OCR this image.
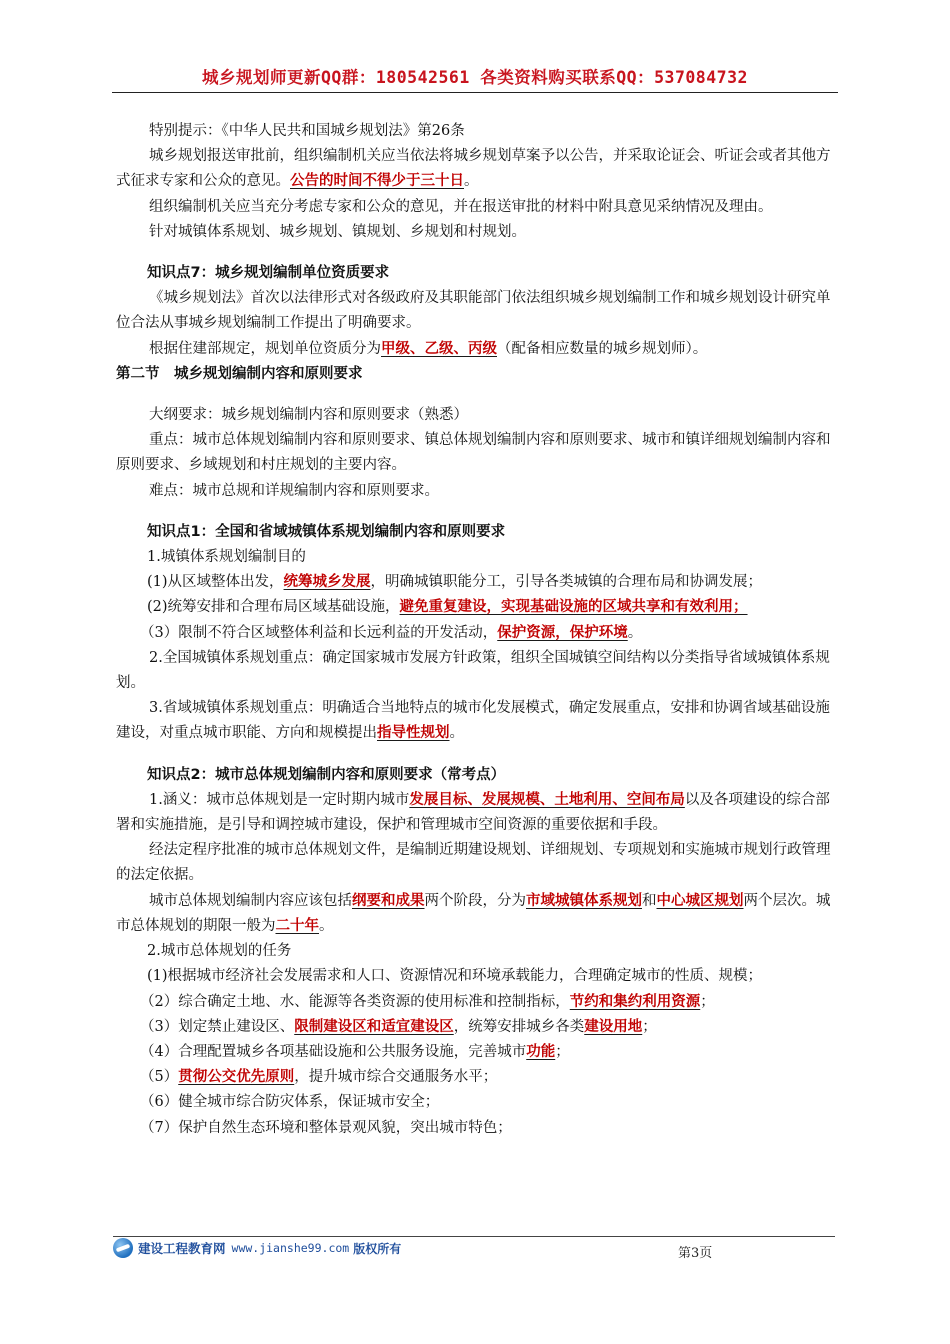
城乡规划师更新QQ群：180542561 各类资料购买联系QQ：537084732

特别提示：《中华人民共和国城乡规划法》第26条

城乡规划报送审批前，组织编制机关应当依法将城乡规划草案予以公告，并采取论证会、听证会或者其他方式征求专家和公众的意见。公告的时间不得少于三十日。

组织编制机关应当充分考虑专家和公众的意见，并在报送审批的材料中附具意见采纳情况及理由。

针对城镇体系规划、城乡规划、镇规划、乡规划和村规划。

知识点7：城乡规划编制单位资质要求

《城乡规划法》首次以法律形式对各级政府及其职能部门依法组织城乡规划编制工作和城乡规划设计研究单位合法从事城乡规划编制工作提出了明确要求。

根据住建部规定，规划单位资质分为甲级、乙级、丙级（配备相应数量的城乡规划师）。

第二节　城乡规划编制内容和原则要求

大纲要求：城乡规划编制内容和原则要求（熟悉）

重点：城市总体规划编制内容和原则要求、镇总体规划编制内容和原则要求、城市和镇详细规划编制内容和原则要求、乡域规划和村庄规划的主要内容。

难点：城市总规和详规编制内容和原则要求。

知识点1：全国和省域城镇体系规划编制内容和原则要求

1.城镇体系规划编制目的

(1)从区域整体出发，统筹城乡发展，明确城镇职能分工，引导各类城镇的合理布局和协调发展；

(2)统筹安排和合理布局区域基础设施，避免重复建设，实现基础设施的区域共享和有效利用；

（3）限制不符合区域整体利益和长远利益的开发活动，保护资源，保护环境。

2.全国城镇体系规划重点：确定国家城市发展方针政策，组织全国城镇空间结构以分类指导省域城镇体系规划。

3.省域城镇体系规划重点：明确适合当地特点的城市化发展模式，确定发展重点，安排和协调省域基础设施建设，对重点城市职能、方向和规模提出指导性规划。

知识点2：城市总体规划编制内容和原则要求（常考点）

1.涵义：城市总体规划是一定时期内城市发展目标、发展规模、土地利用、空间布局以及各项建设的综合部署和实施措施，是引导和调控城市建设，保护和管理城市空间资源的重要依据和手段。

经法定程序批准的城市总体规划文件，是编制近期建设规划、详细规划、专项规划和实施城市规划行政管理的法定依据。

城市总体规划编制内容应该包括纲要和成果两个阶段，分为市域城镇体系规划和中心城区规划两个层次。城市总体规划的期限一般为二十年。

2.城市总体规划的任务

(1)根据城市经济社会发展需求和人口、资源情况和环境承载能力，合理确定城市的性质、规模；

（2）综合确定土地、水、能源等各类资源的使用标准和控制指标，节约和集约利用资源；

（3）划定禁止建设区、限制建设区和适宜建设区，统筹安排城乡各类建设用地；

（4）合理配置城乡各项基础设施和公共服务设施，完善城市功能；

（5）贯彻公交优先原则，提升城市综合交通服务水平；

（6）健全城市综合防灾体系，保证城市安全；

（7）保护自然生态环境和整体景观风貌，突出城市特色；

建设工程教育网 www.jianshe99.com 版权所有	第3页
